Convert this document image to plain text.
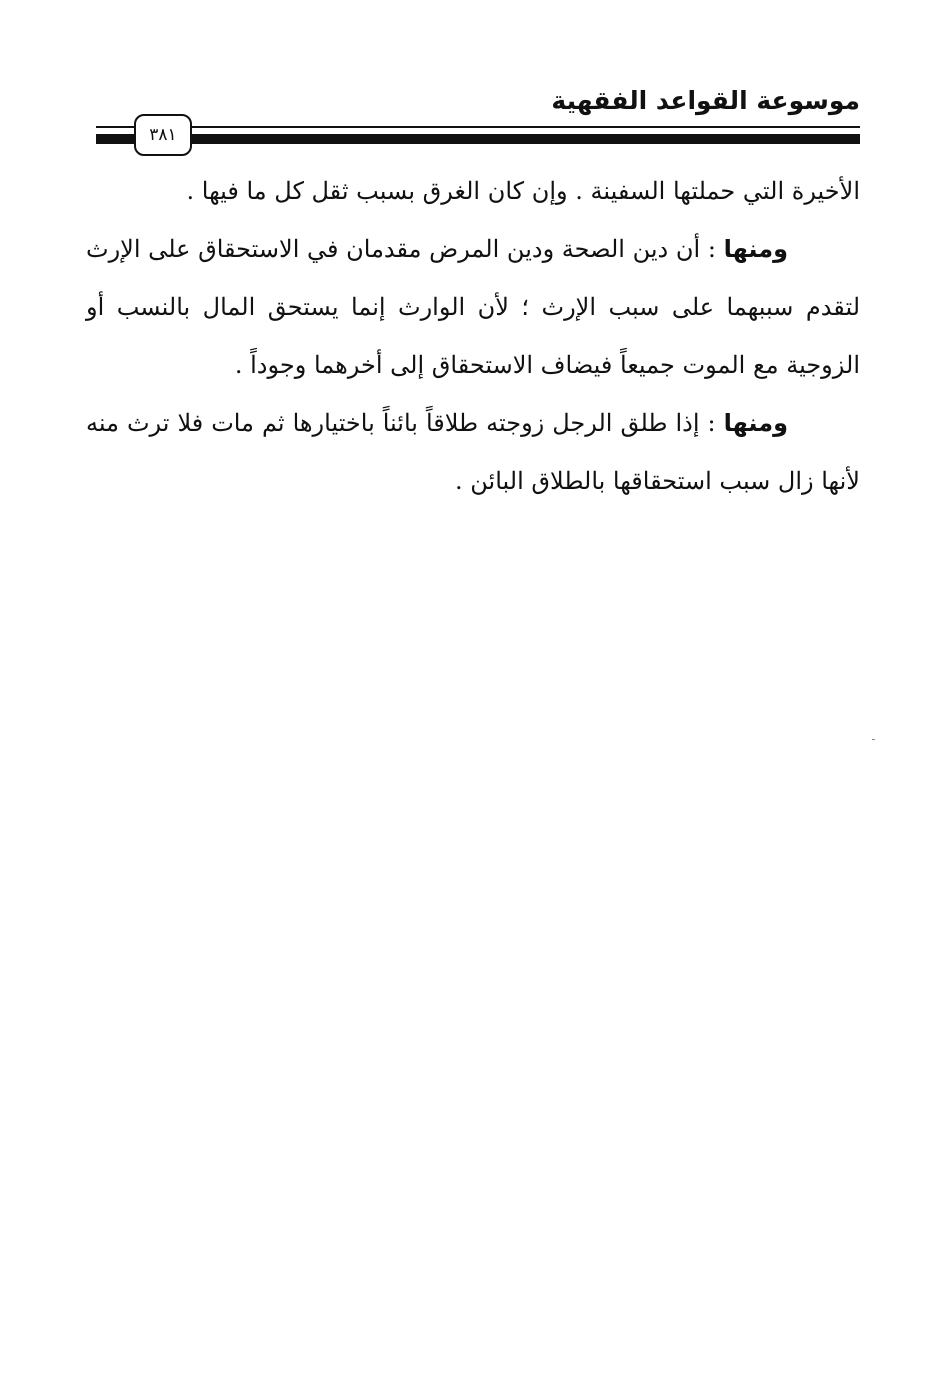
موسوعة القواعد الفقهية
٣٨١

الأخيرة التي حملتها السفينة . وإن كان الغرق بسبب ثقل كل ما فيها .

ومنها : أن دين الصحة ودين المرض مقدمان في الاستحقاق على الإرث لتقدم سببهما على سبب الإرث ؛ لأن الوارث إنما يستحق المال بالنسب أو الزوجية مع الموت جميعاً فيضاف الاستحقاق إلى أخرهما وجوداً .

ومنها : إذا طلق الرجل زوجته طلاقاً بائناً باختيارها ثم مات فلا ترث منه لأنها زال سبب استحقاقها بالطلاق البائن .
